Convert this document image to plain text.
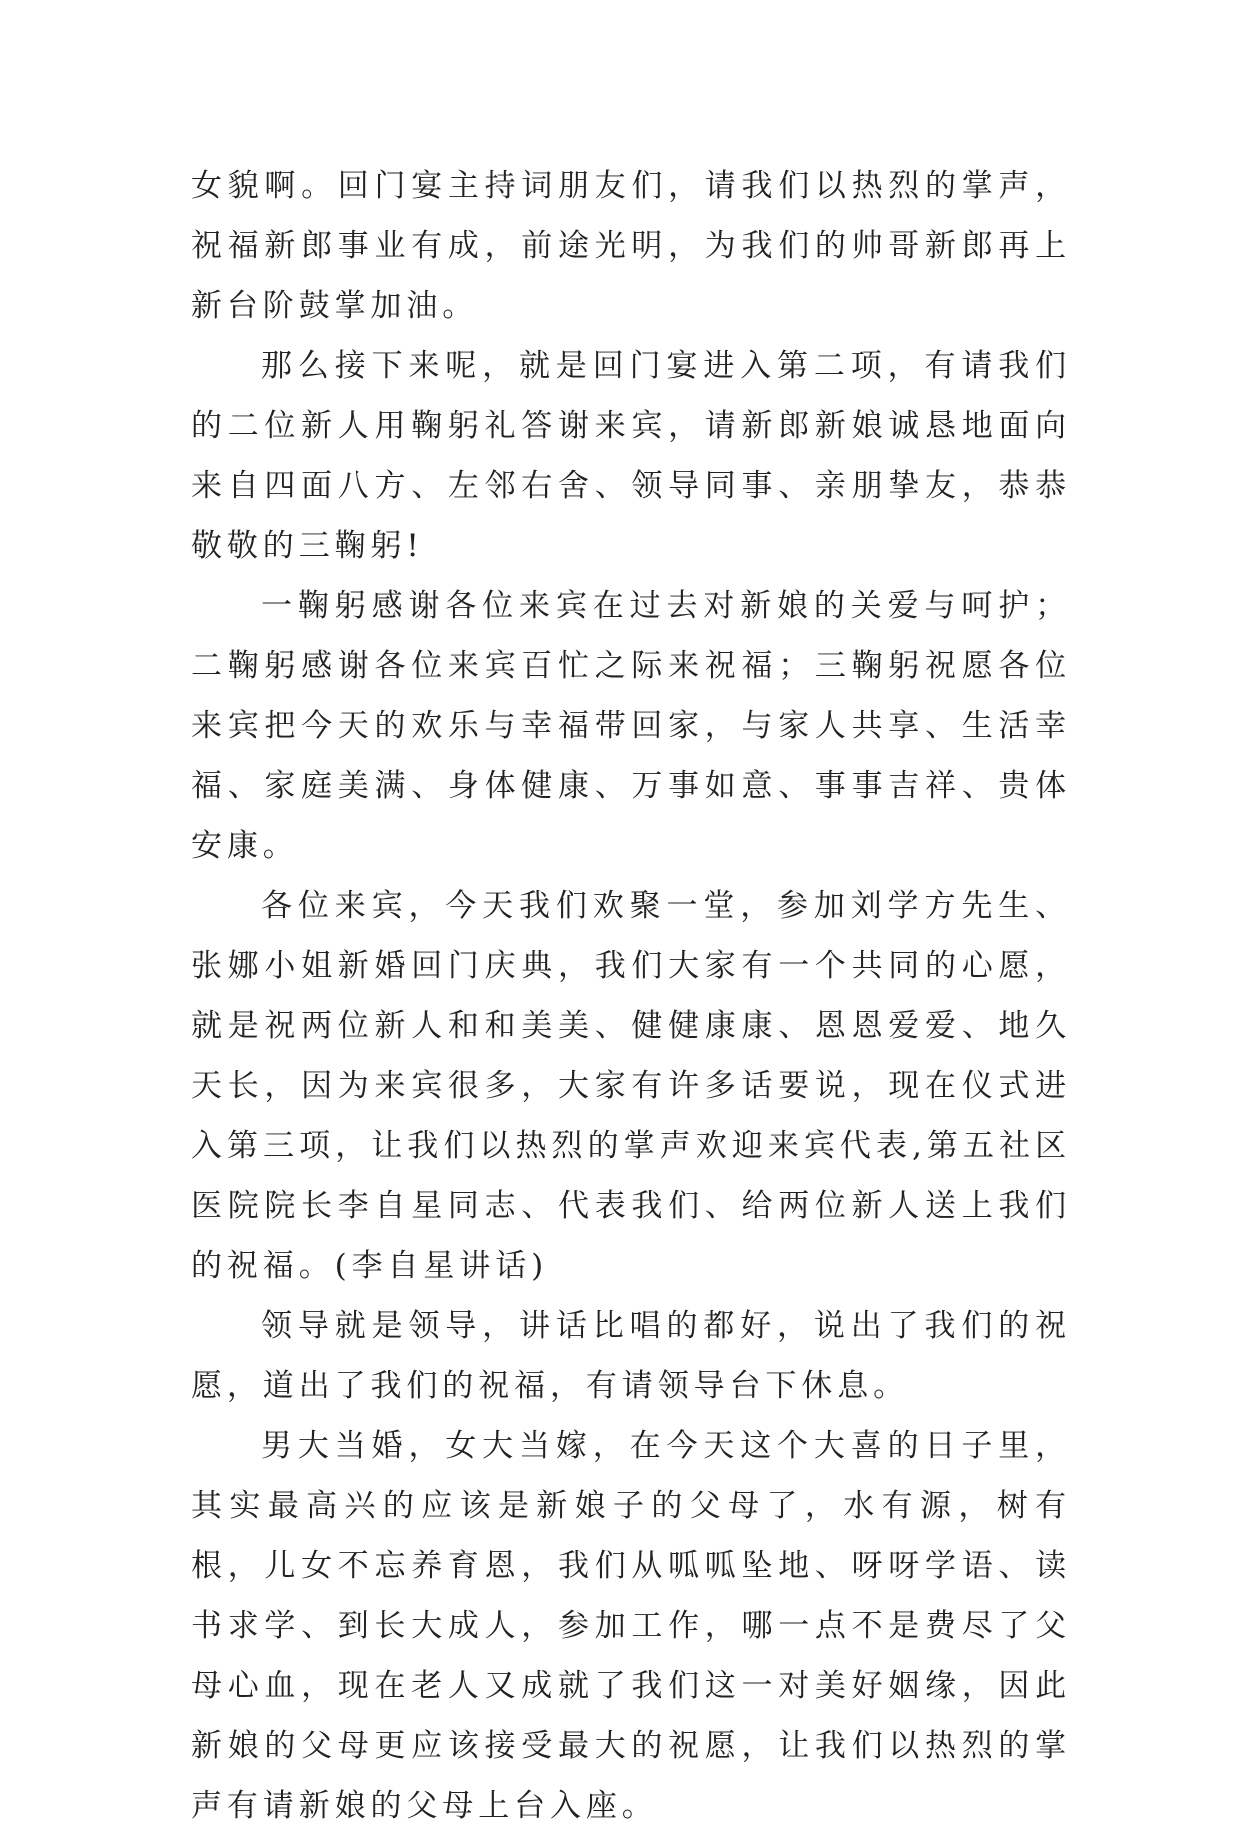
女貌啊。回门宴主持词朋友们，请我们以热烈的掌声，祝福新郎事业有成，前途光明，为我们的帅哥新郎再上新台阶鼓掌加油。

那么接下来呢，就是回门宴进入第二项，有请我们的二位新人用鞠躬礼答谢来宾，请新郎新娘诚恳地面向来自四面八方、左邻右舍、领导同事、亲朋挚友，恭恭敬敬的三鞠躬!

一鞠躬感谢各位来宾在过去对新娘的关爱与呵护；二鞠躬感谢各位来宾百忙之际来祝福；三鞠躬祝愿各位来宾把今天的欢乐与幸福带回家，与家人共享、生活幸福、家庭美满、身体健康、万事如意、事事吉祥、贵体安康。

各位来宾，今天我们欢聚一堂，参加刘学方先生、张娜小姐新婚回门庆典，我们大家有一个共同的心愿，就是祝两位新人和和美美、健健康康、恩恩爱爱、地久天长，因为来宾很多，大家有许多话要说，现在仪式进入第三项，让我们以热烈的掌声欢迎来宾代表,第五社区医院院长李自星同志、代表我们、给两位新人送上我们的祝福。(李自星讲话)

领导就是领导，讲话比唱的都好，说出了我们的祝愿，道出了我们的祝福，有请领导台下休息。

男大当婚，女大当嫁，在今天这个大喜的日子里，其实最高兴的应该是新娘子的父母了，水有源，树有根，儿女不忘养育恩，我们从呱呱坠地、呀呀学语、读书求学、到长大成人，参加工作，哪一点不是费尽了父母心血，现在老人又成就了我们这一对美好姻缘，因此新娘的父母更应该接受最大的祝愿，让我们以热烈的掌声有请新娘的父母上台入座。
